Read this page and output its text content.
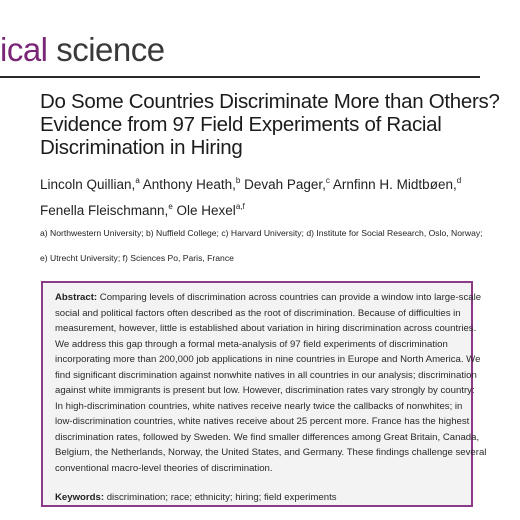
ical science
Do Some Countries Discriminate More than Others?
Evidence from 97 Field Experiments of Racial
Discrimination in Hiring
Lincoln Quillian,$^a$ Anthony Heath,$^b$ Devah Pager,$^c$ Arnfinn H. Midtbøen,$^d$
Fenella Fleischmann,$^e$ Ole Hexel$^{a,f}$
a) Northwestern University; b) Nuffield College; c) Harvard University; d) Institute for Social Research, Oslo, Norway;
e) Utrecht University; f) Sciences Po, Paris, France
Abstract: Comparing levels of discrimination across countries can provide a window into large-scale
social and political factors often described as the root of discrimination. Because of difficulties in
measurement, however, little is established about variation in hiring discrimination across countries.
We address this gap through a formal meta-analysis of 97 field experiments of discrimination
incorporating more than 200,000 job applications in nine countries in Europe and North America. We
find significant discrimination against nonwhite natives in all countries in our analysis; discrimination
against white immigrants is present but low. However, discrimination rates vary strongly by country:
In high-discrimination countries, white natives receive nearly twice the callbacks of nonwhites; in
low-discrimination countries, white natives receive about 25 percent more. France has the highest
discrimination rates, followed by Sweden. We find smaller differences among Great Britain, Canada,
Belgium, the Netherlands, Norway, the United States, and Germany. These findings challenge several
conventional macro-level theories of discrimination.
Keywords: discrimination; race; ethnicity; hiring; field experiments
